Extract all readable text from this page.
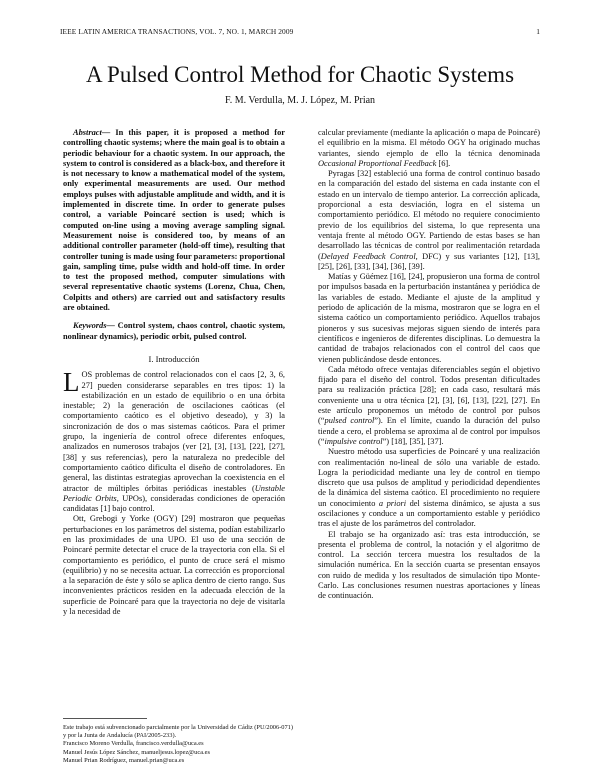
IEEE LATIN AMERICA TRANSACTIONS, VOL. 7, NO. 1, MARCH 2009	1
A Pulsed Control Method for Chaotic Systems
F. M. Verdulla, M. J. López, M. Prian

Abstract— In this paper, it is proposed a method for controlling chaotic systems; where the main goal is to obtain a periodic behaviour for a chaotic system. In our approach, the system to control is considered as a black-box, and therefore it is not necessary to know a mathematical model of the system, only experimental measurements are used. Our method employs pulses with adjustable amplitude and width, and it is implemented in discrete time. In order to generate pulses control, a variable Poincaré section is used; which is computed on-line using a moving average sampling signal. Measurement noise is considered too, by means of an additional controller parameter (hold-off time), resulting that controller tuning is made using four parameters: proportional gain, sampling time, pulse width and hold-off time. In order to test the proposed method, computer simulations with several representative chaotic systems (Lorenz, Chua, Chen, Colpitts and others) are carried out and satisfactory results are obtained.

Keywords— Control system, chaos control, chaotic system, nonlinear dynamics), periodic orbit, pulsed control.

I. Introducción

LOS problemas de control relacionados con el caos [2, 3, 6, 27] pueden considerarse separables en tres tipos: 1) la estabilización en un estado de equilibrio o en una órbita inestable; 2) la generación de oscilaciones caóticas (el comportamiento caótico es el objetivo deseado), y 3) la sincronización de dos o mas sistemas caóticos. Para el primer grupo, la ingeniería de control ofrece diferentes enfoques, analizados en numerosos trabajos (ver [2], [3], [13], [22], [27], [38] y sus referencias), pero la naturaleza no predecible del comportamiento caótico dificulta el diseño de controladores. En general, las distintas estrategias aprovechan la coexistencia en el atractor de múltiples órbitas periódicas inestables (Unstable Periodic Orbits, UPOs), consideradas condiciones de operación candidatas [1] bajo control.

Ott, Grebogi y Yorke (OGY) [29] mostraron que pequeñas perturbaciones en los parámetros del sistema, podían estabilizarlo en las proximidades de una UPO. El uso de una sección de Poincaré permite detectar el cruce de la trayectoria con ella. Si el comportamiento es periódico, el punto de cruce será el mismo (equilibrio) y no se necesita actuar. La corrección es proporcional a la separación de éste y sólo se aplica dentro de cierto rango. Sus inconvenientes prácticos residen en la adecuada elección de la superficie de Poincaré para que la trayectoria no deje de visitarla y la necesidad de

calcular previamente (mediante la aplicación o mapa de Poincaré) el equilibrio en la misma. El método OGY ha originado muchas variantes, siendo ejemplo de ello la técnica denominada Occasional Proportional Feedback [6].

Pyragas [32] estableció una forma de control continuo basado en la comparación del estado del sistema en cada instante con el estado en un intervalo de tiempo anterior. La corrección aplicada, proporcional a esta desviación, logra en el sistema un comportamiento periódico. El método no requiere conocimiento previo de los equilibrios del sistema, lo que representa una ventaja frente al método OGY. Partiendo de estas bases se han desarrollado las técnicas de control por realimentación retardada (Delayed Feedback Control, DFC) y sus variantes [12], [13], [25], [26], [33], [34], [36], [39].

Matías y Güémez [16], [24], propusieron una forma de control por impulsos basada en la perturbación instantánea y periódica de las variables de estado. Mediante el ajuste de la amplitud y periodo de aplicación de la misma, mostraron que se logra en el sistema caótico un comportamiento periódico. Aquellos trabajos pioneros y sus sucesivas mejoras siguen siendo de interés para científicos e ingenieros de diferentes disciplinas. Lo demuestra la cantidad de trabajos relacionados con el control del caos que vienen publicándose desde entonces.

Cada método ofrece ventajas diferenciables según el objetivo fijado para el diseño del control. Todos presentan dificultades para su realización práctica [28]; en cada caso, resultará más conveniente una u otra técnica [2], [3], [6], [13], [22], [27]. En este artículo proponemos un método de control por pulsos (“pulsed control”). En el límite, cuando la duración del pulso tiende a cero, el problema se aproxima al de control por impulsos (“impulsive control”) [18], [35], [37].

Nuestro método usa superficies de Poincaré y una realización con realimentación no-lineal de sólo una variable de estado. Logra la periodicidad mediante una ley de control en tiempo discreto que usa pulsos de amplitud y periodicidad dependientes de la dinámica del sistema caótico. El procedimiento no requiere un conocimiento a priori del sistema dinámico, se ajusta a sus oscilaciones y conduce a un comportamiento estable y periódico tras el ajuste de los parámetros del controlador.

El trabajo se ha organizado así: tras esta introducción, se presenta el problema de control, la notación y el algoritmo de control. La sección tercera muestra los resultados de la simulación numérica. En la sección cuarta se presentan ensayos con ruido de medida y los resultados de simulación tipo Monte-Carlo. Las conclusiones resumen nuestras aportaciones y líneas de continuación.

Este trabajo está subvencionado parcialmente por la Universidad de Cádiz (PU/2006-071) y por la Junta de Andalucía (PAI/2005-233).
Francisco Moreno Verdulla, francisco.verdulla@uca.es
Manuel Jesús López Sánchez, manueljesus.lopez@uca.es
Manuel Prian Rodríguez, manuel.prian@uca.es
